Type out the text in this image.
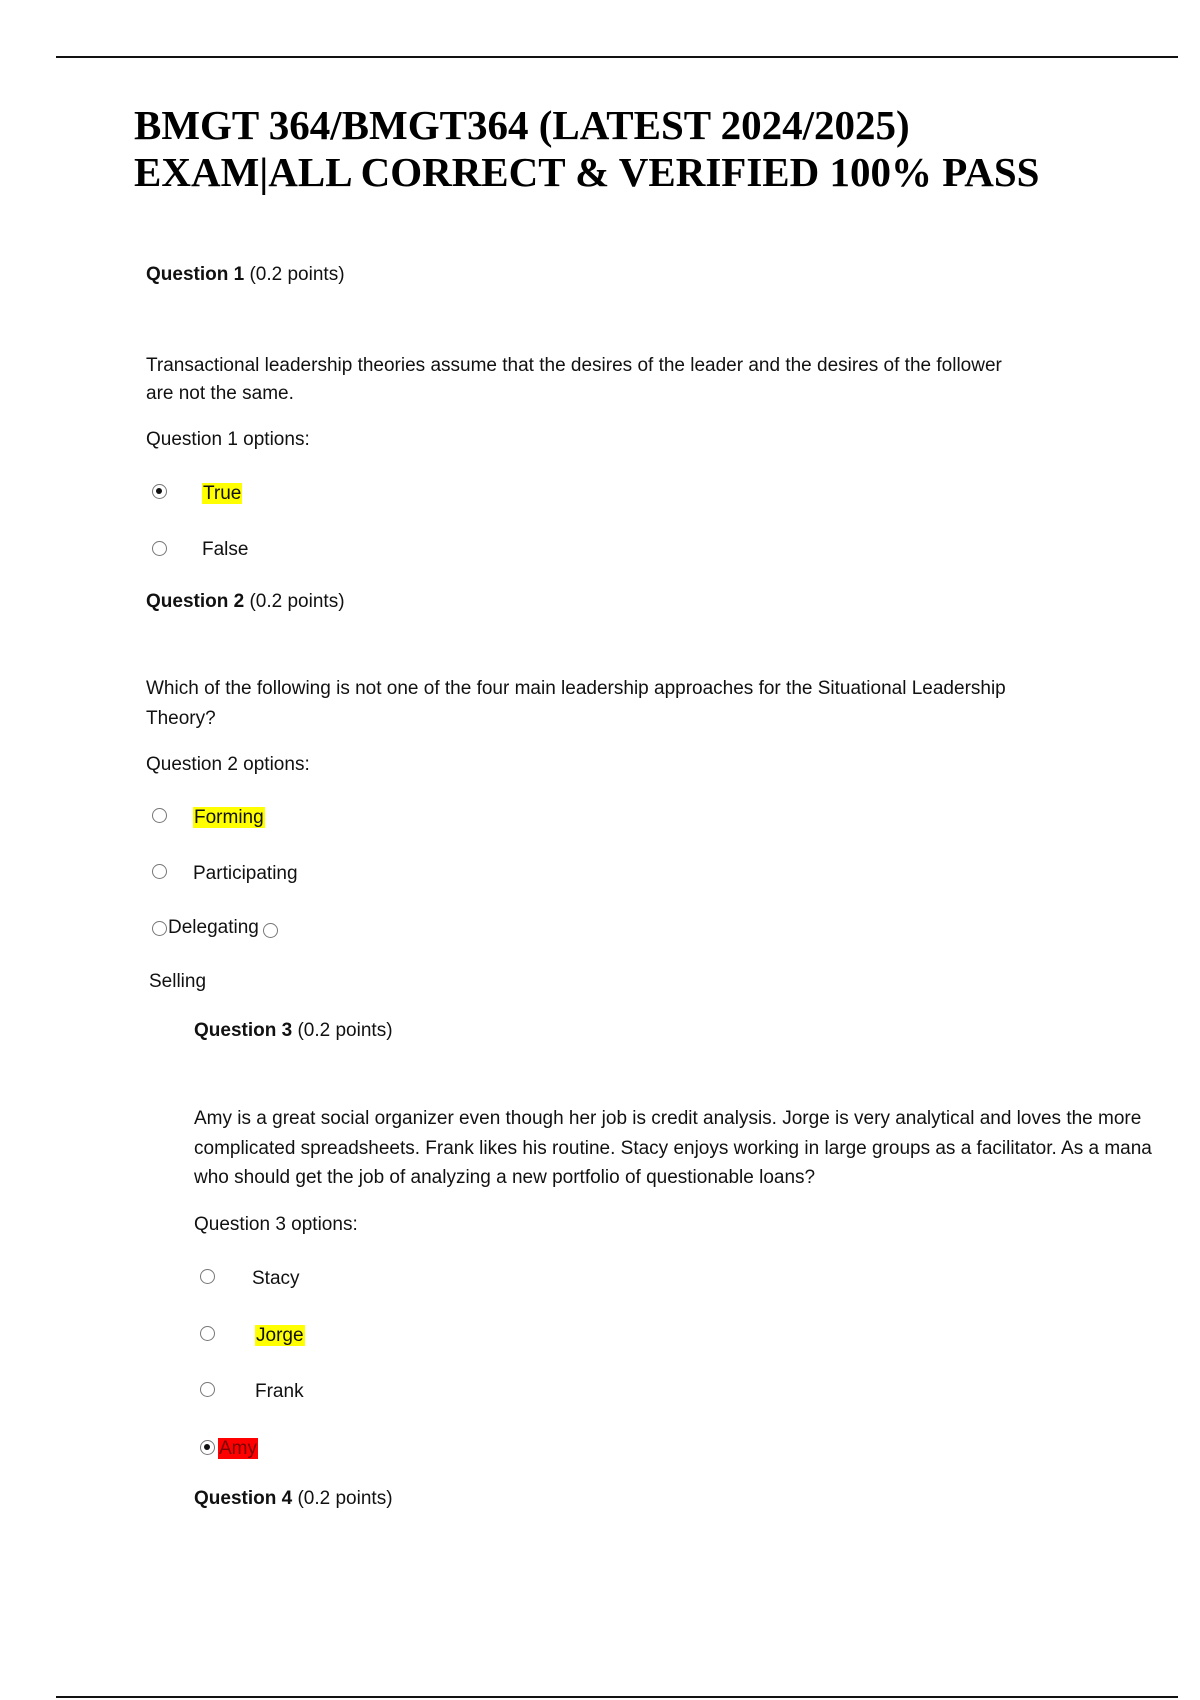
BMGT 364/BMGT364 (LATEST 2024/2025)
EXAM|ALL CORRECT & VERIFIED 100% PASS
Question 1 (0.2 points)
Transactional leadership theories assume that the desires of the leader and the desires of the follower
are not the same.
Question 1 options:
True
False
Question 2 (0.2 points)
Which of the following is not one of the four main leadership approaches for the Situational Leadership
Theory?
Question 2 options:
Forming
Participating
Delegating
Selling
Question 3 (0.2 points)
Amy is a great social organizer even though her job is credit analysis. Jorge is very analytical and loves the more
complicated spreadsheets. Frank likes his routine. Stacy enjoys working in large groups as a facilitator. As a mana
who should get the job of analyzing a new portfolio of questionable loans?
Question 3 options:
Stacy
Jorge
Frank
Amy
Question 4 (0.2 points)
